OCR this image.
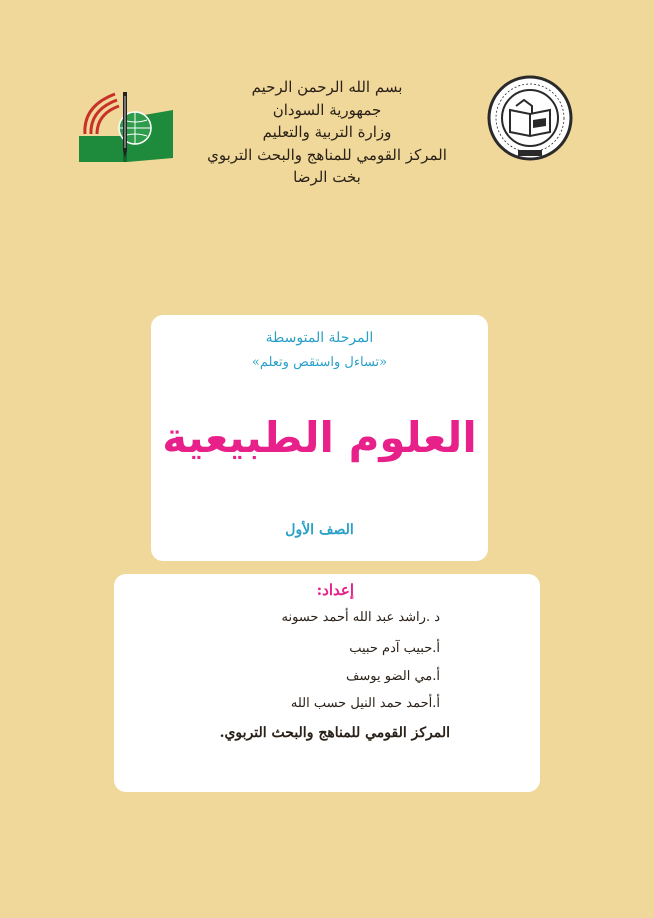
بسم الله الرحمن الرحيم
جمهورية السودان
وزارة التربية والتعليم
المركز القومي للمناهج والبحث التربوي
بخت الرضا
المرحلة المتوسطة
«تساءل واستقص وتعلم»
العلوم الطبيعية
الصف الأول
إعداد:
د .راشد عبد الله أحمد حسونه
أ.حبيب آدم حبيب
أ.مي الضو يوسف
أ.أحمد حمد النيل حسب الله
المركز القومي للمناهج والبحث التربوي.
